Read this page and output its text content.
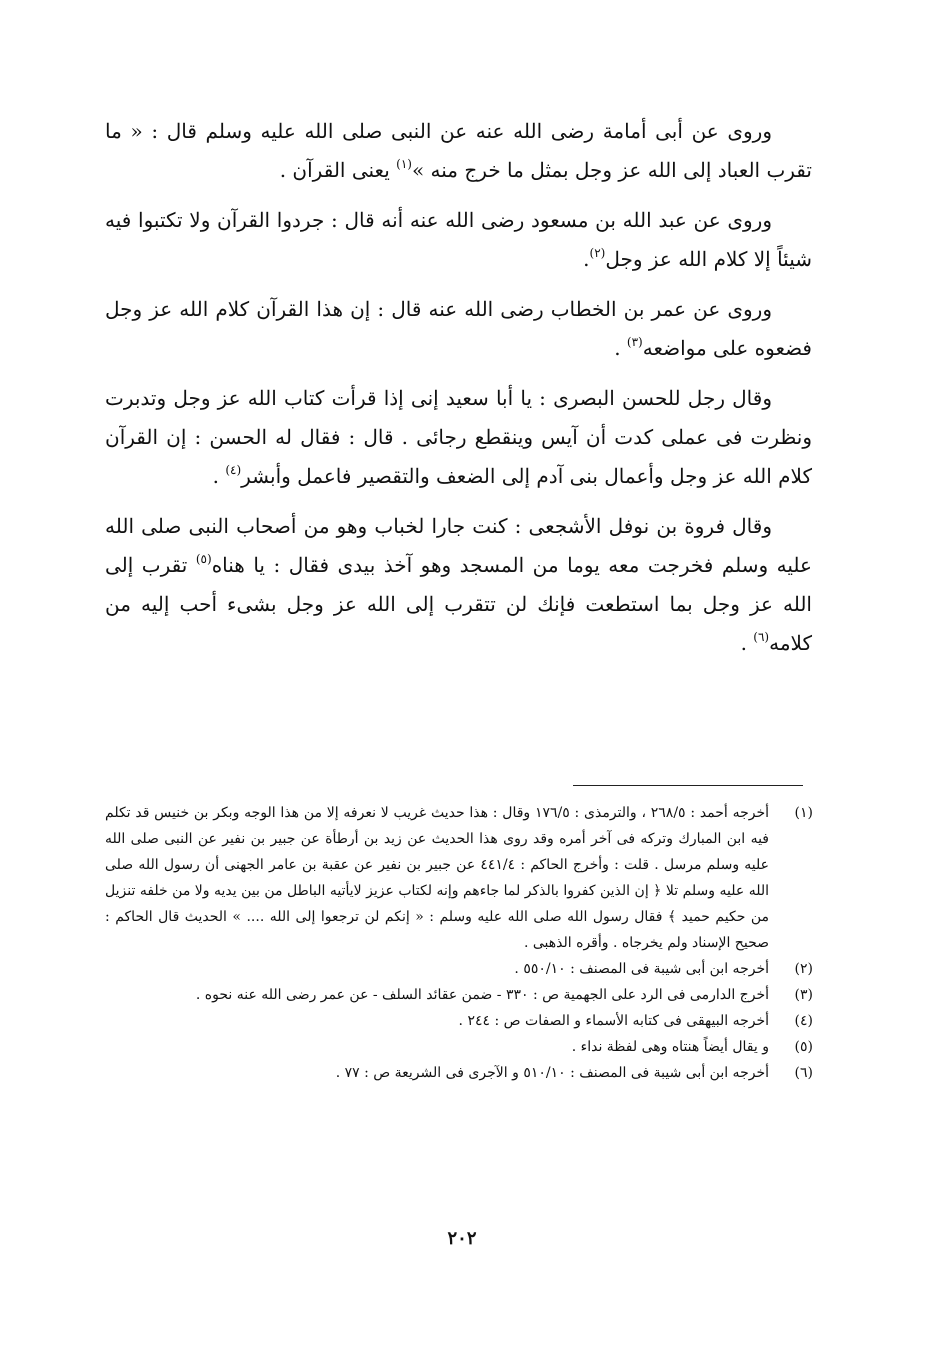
وروى عن أبى أمامة رضى الله عنه عن النبى صلى الله عليه وسلم قال : « ما تقرب العباد إلى الله عز وجل بمثل ما خرج منه »$^{(١)}$ يعنى القرآن .

وروى عن عبد الله بن مسعود رضى الله عنه أنه قال : جردوا القرآن ولا تكتبوا فيه شيئاً إلا كلام الله عز وجل$^{(٢)}$.

وروى عن عمر بن الخطاب رضى الله عنه قال : إن هذا القرآن كلام الله عز وجل فضعوه على مواضعه$^{(٣)}$ .

وقال رجل للحسن البصرى : يا أبا سعيد إنى إذا قرأت كتاب الله عز وجل وتدبرت ونظرت فى عملى كدت أن آيس وينقطع رجائى . قال : فقال له الحسن : إن القرآن كلام الله عز وجل وأعمال بنى آدم إلى الضعف والتقصير فاعمل وأبشر$^{(٤)}$ .

وقال فروة بن نوفل الأشجعى : كنت جارا لخباب وهو من أصحاب النبى صلى الله عليه وسلم فخرجت معه يوما من المسجد وهو آخذ بيدى فقال : يا هناه$^{(٥)}$ تقرب إلى الله عز وجل بما استطعت فإنك لن تتقرب إلى الله عز وجل بشىء أحب إليه من كلامه$^{(٦)}$ .

(١)
أخرجه أحمد : ٢٦٨/٥ ، والترمذى : ١٧٦/٥ وقال : هذا حديث غريب لا نعرفه إلا من هذا الوجه وبكر بن خنيس قد تكلم فيه ابن المبارك وتركه فى آخر أمره وقد روى هذا الحديث عن زيد بن أرطأة عن جبير بن نفير عن النبى صلى الله عليه وسلم مرسل . قلت : وأخرج الحاكم : ٤٤١/٤ عن جبير بن نفير عن عقبة بن عامر الجهنى أن رسول الله صلى الله عليه وسلم تلا ﴿ إن الذين كفروا بالذكر لما جاءهم وإنه لكتاب عزيز لايأتيه الباطل من بين يديه ولا من خلفه تنزيل من حكيم حميد ﴾ فقال رسول الله صلى الله عليه وسلم : « إنكم لن ترجعوا إلى الله .... » الحديث قال الحاكم : صحيح الإسناد ولم يخرجاه . وأقره الذهبى .
(٢)
أخرجه ابن أبى شيبة فى المصنف : ٥٥٠/١٠ .
(٣)
أخرج الدارمى فى الرد على الجهمية ص : ٣٣٠ - ضمن عقائد السلف - عن عمر رضى الله عنه نحوه .
(٤)
أخرجه البيهقى فى كتابه الأسماء و الصفات ص : ٢٤٤ .
(٥)
و يقال أيضاً هنتاه وهى لفظة نداء .
(٦)
أخرجه ابن أبى شيبة فى المصنف : ٥١٠/١٠ و الآجرى فى الشريعة ص : ٧٧ .
٢٠٢
